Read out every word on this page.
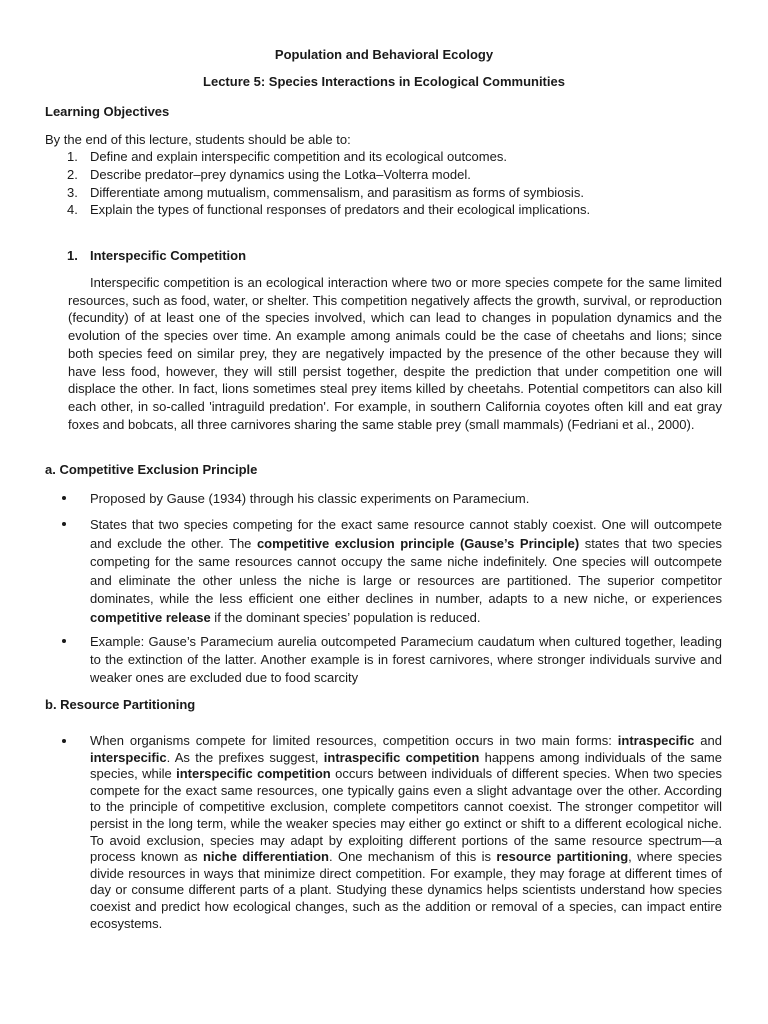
Population and Behavioral Ecology
Lecture 5: Species Interactions in Ecological Communities
Learning Objectives
By the end of this lecture, students should be able to:
1. Define and explain interspecific competition and its ecological outcomes.
2. Describe predator–prey dynamics using the Lotka–Volterra model.
3. Differentiate among mutualism, commensalism, and parasitism as forms of symbiosis.
4. Explain the types of functional responses of predators and their ecological implications.
1. Interspecific Competition
Interspecific competition is an ecological interaction where two or more species compete for the same limited resources, such as food, water, or shelter. This competition negatively affects the growth, survival, or reproduction (fecundity) of at least one of the species involved, which can lead to changes in population dynamics and the evolution of the species over time. An example among animals could be the case of cheetahs and lions; since both species feed on similar prey, they are negatively impacted by the presence of the other because they will have less food, however, they will still persist together, despite the prediction that under competition one will displace the other. In fact, lions sometimes steal prey items killed by cheetahs. Potential competitors can also kill each other, in so-called 'intraguild predation'. For example, in southern California coyotes often kill and eat gray foxes and bobcats, all three carnivores sharing the same stable prey (small mammals) (Fedriani et al., 2000).
a. Competitive Exclusion Principle
Proposed by Gause (1934) through his classic experiments on Paramecium.
States that two species competing for the exact same resource cannot stably coexist. One will outcompete and exclude the other. The competitive exclusion principle (Gause’s Principle) states that two species competing for the same resources cannot occupy the same niche indefinitely. One species will outcompete and eliminate the other unless the niche is large or resources are partitioned. The superior competitor dominates, while the less efficient one either declines in number, adapts to a new niche, or experiences competitive release if the dominant species’ population is reduced.
Example: Gause’s Paramecium aurelia outcompeted Paramecium caudatum when cultured together, leading to the extinction of the latter. Another example is in forest carnivores, where stronger individuals survive and weaker ones are excluded due to food scarcity
b. Resource Partitioning
When organisms compete for limited resources, competition occurs in two main forms: intraspecific and interspecific. As the prefixes suggest, intraspecific competition happens among individuals of the same species, while interspecific competition occurs between individuals of different species. When two species compete for the exact same resources, one typically gains even a slight advantage over the other. According to the principle of competitive exclusion, complete competitors cannot coexist. The stronger competitor will persist in the long term, while the weaker species may either go extinct or shift to a different ecological niche. To avoid exclusion, species may adapt by exploiting different portions of the same resource spectrum—a process known as niche differentiation. One mechanism of this is resource partitioning, where species divide resources in ways that minimize direct competition. For example, they may forage at different times of day or consume different parts of a plant. Studying these dynamics helps scientists understand how species coexist and predict how ecological changes, such as the addition or removal of a species, can impact entire ecosystems.
